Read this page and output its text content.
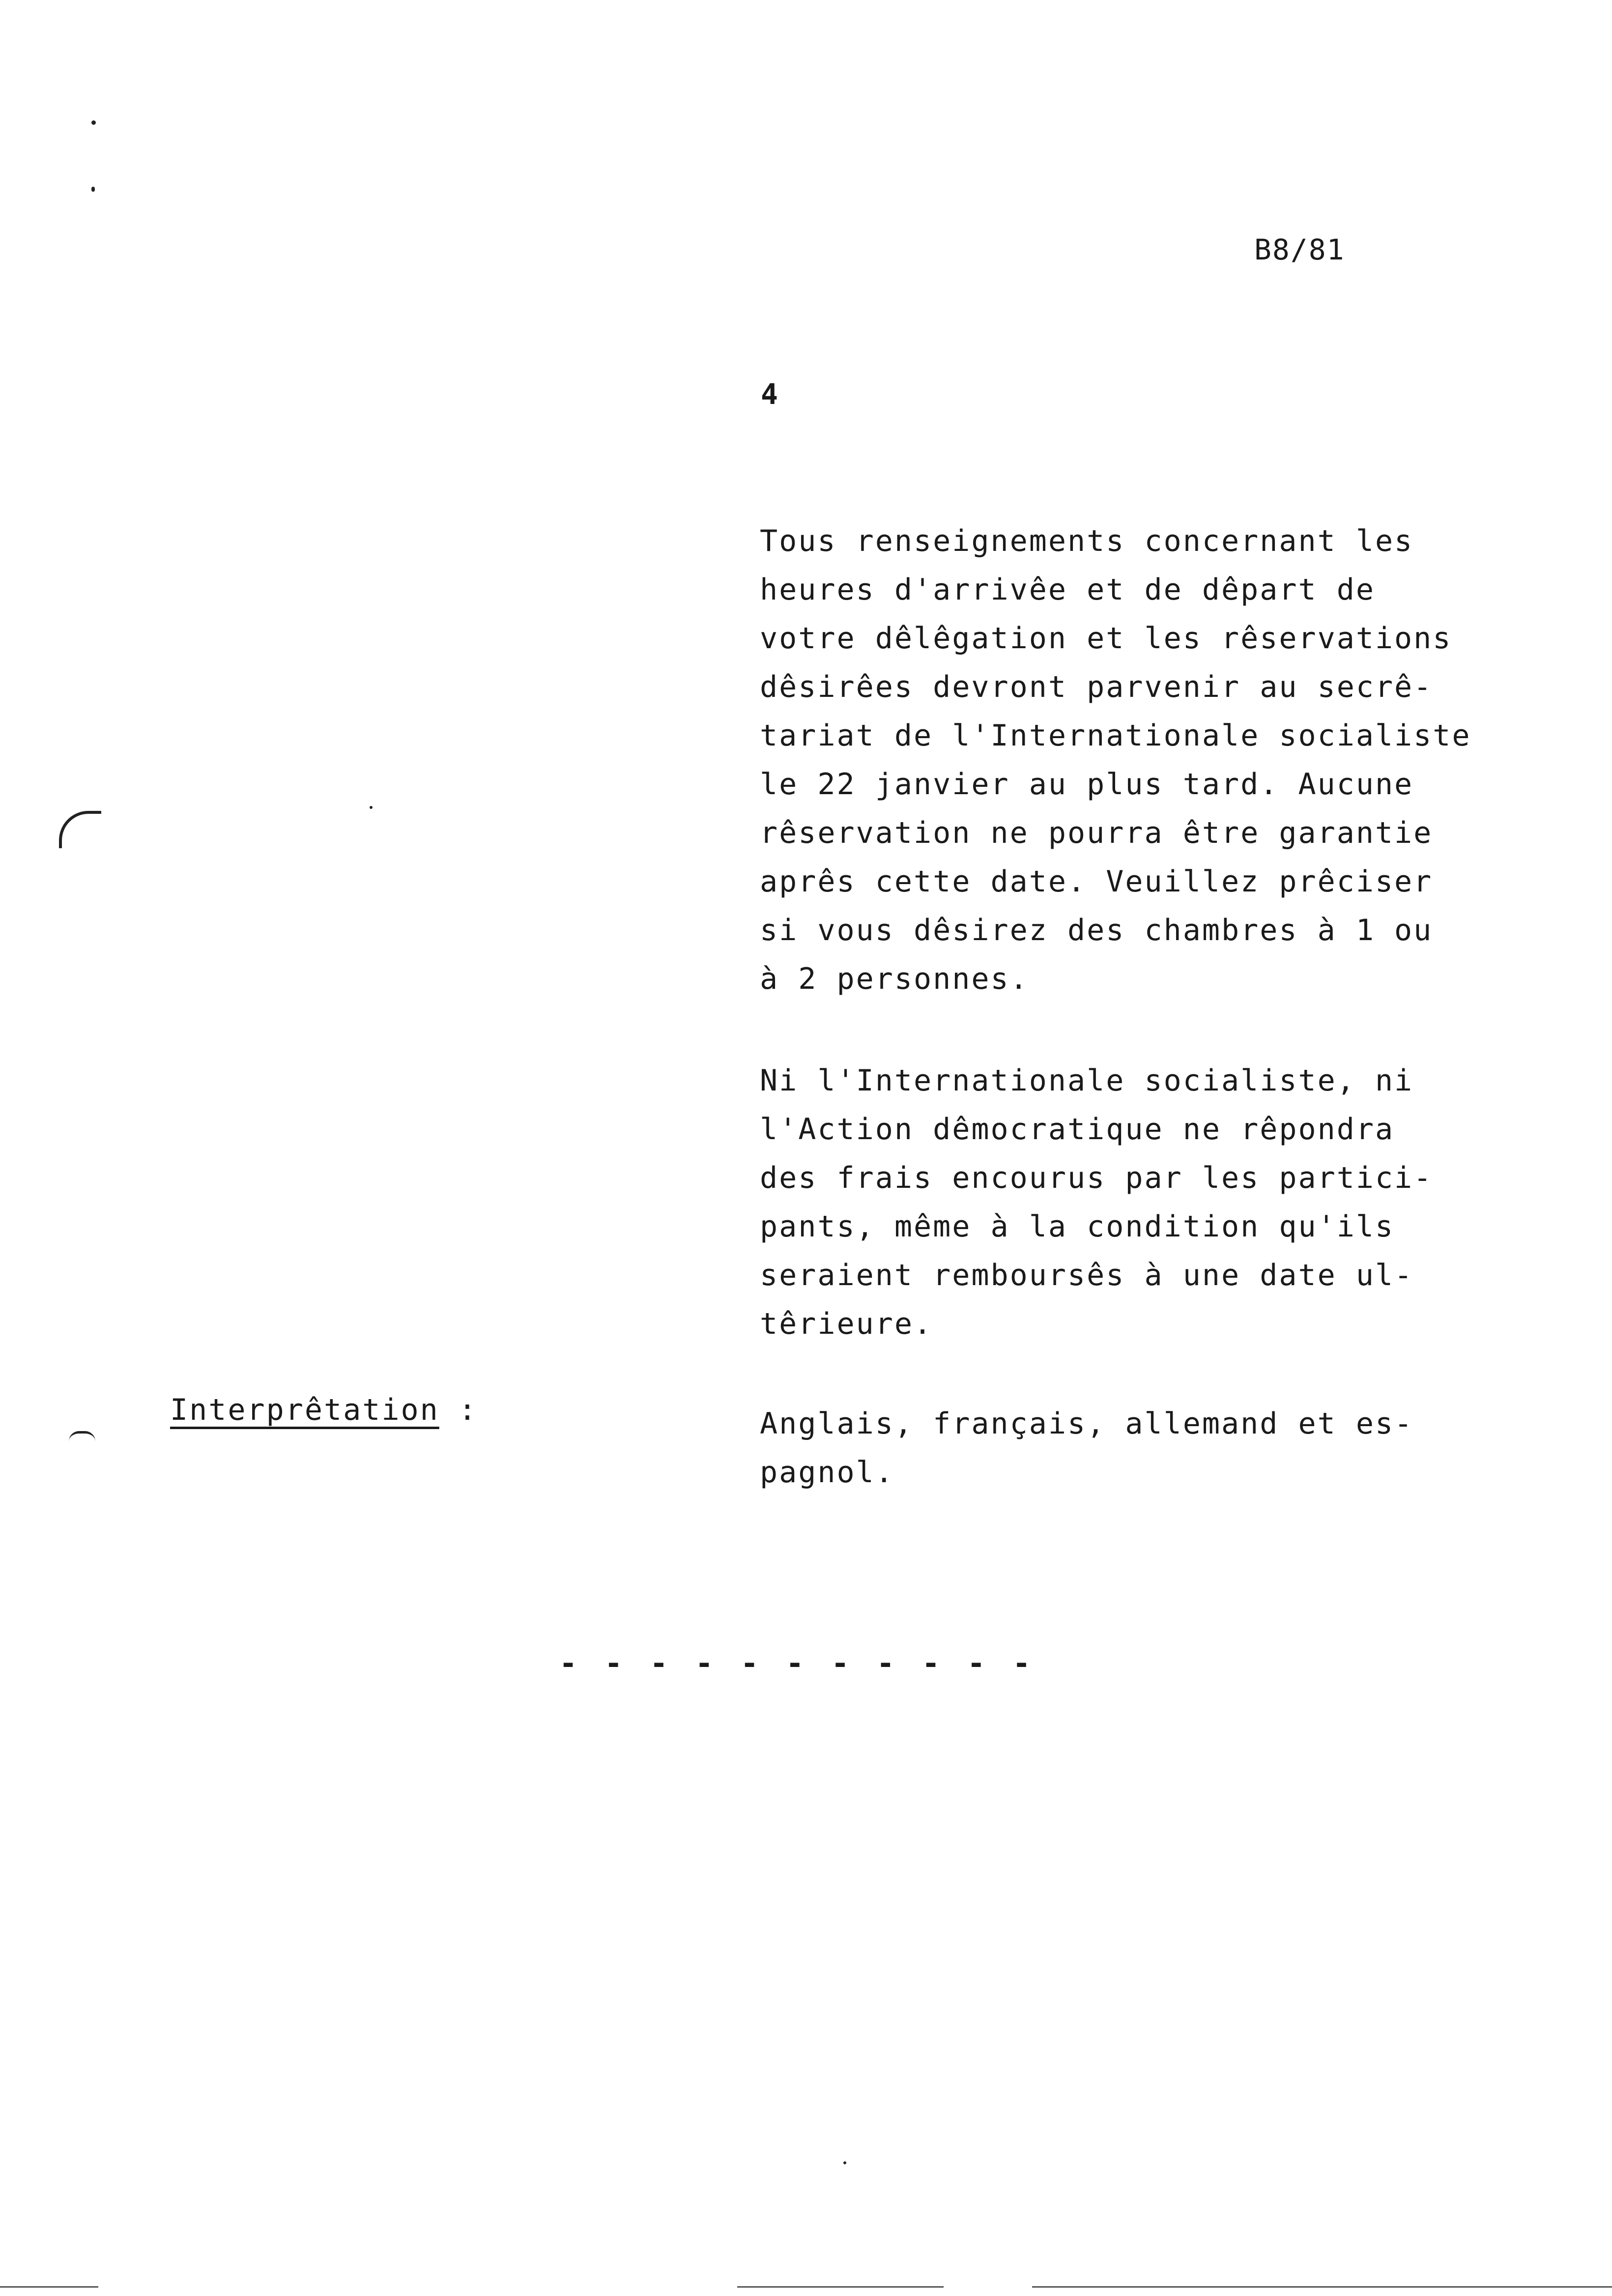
B8/81
4

Tous renseignements concernant les
heures d'arrivêe et de dêpart de
votre dêlêgation et les rêservations
dêsirêes devront parvenir au secrê-
tariat de l'Internationale socialiste
le 22 janvier au plus tard. Aucune
rêservation ne pourra être garantie
aprês cette date. Veuillez prêciser
si vous dêsirez des chambres à 1 ou
à 2 personnes.

Ni l'Internationale socialiste, ni
l'Action dêmocratique ne rêpondra
des frais encourus par les partici-
pants, même à la condition qu'ils
seraient remboursês à une date ul-
têrieure.

Interprêtation :	Anglais, français, allemand et es-
pagnol.

- - - - - - - - - - -
